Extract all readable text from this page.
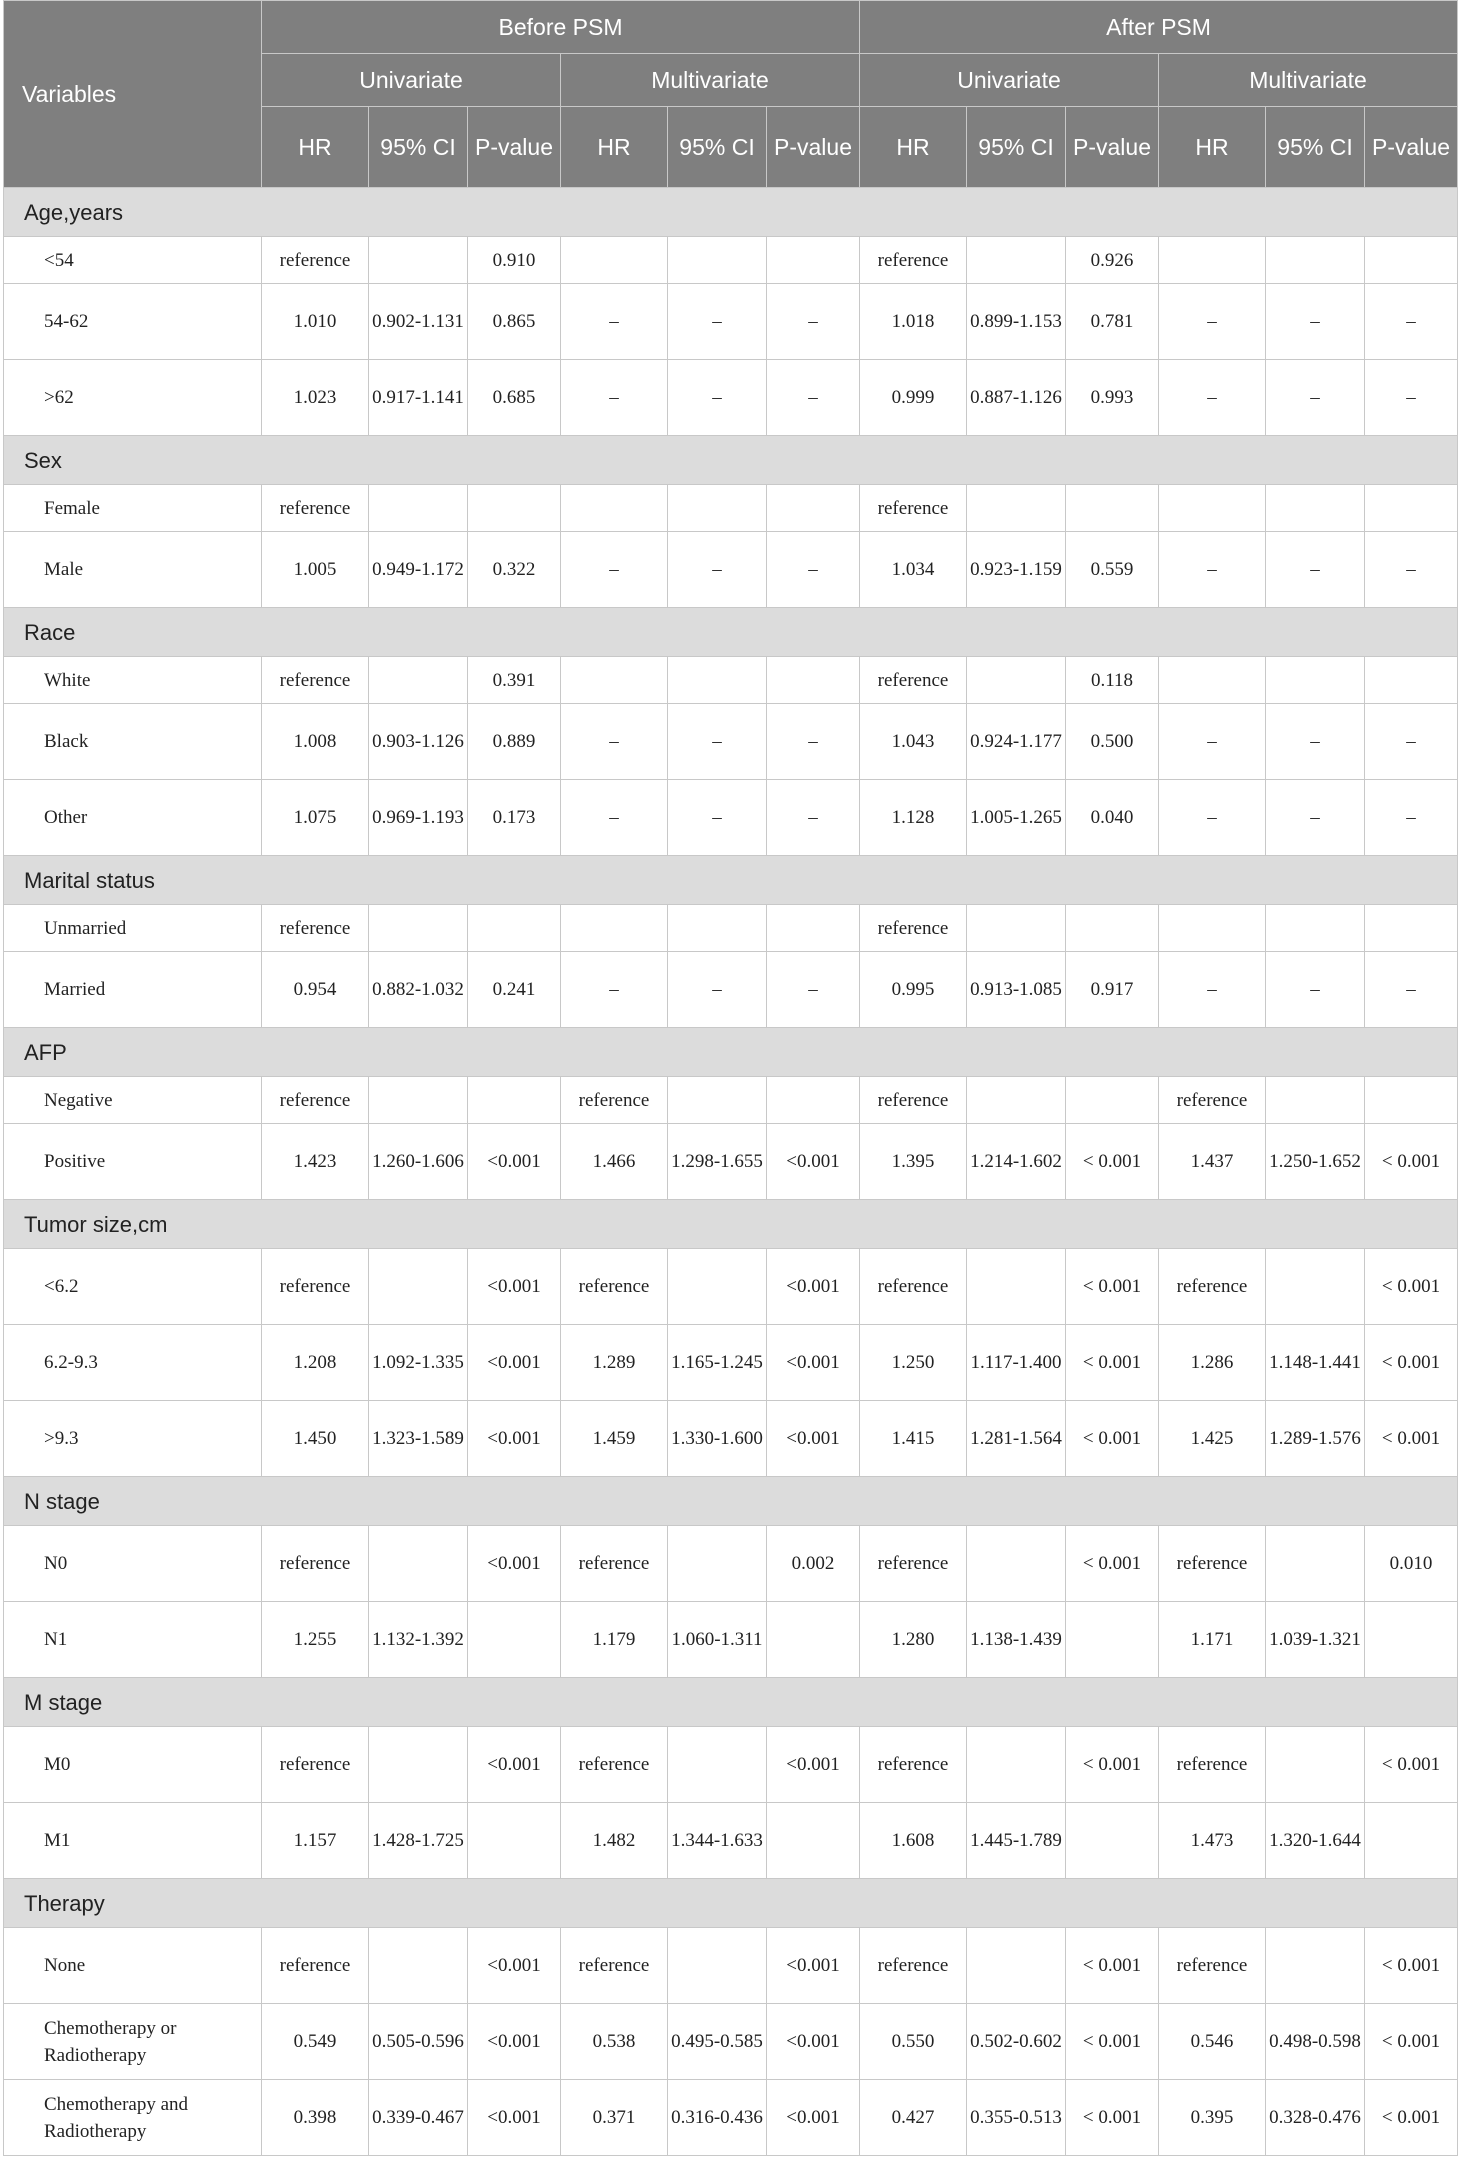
Variables	Before PSM						After PSM					
	Univariate			Multivariate			Univariate			Multivariate		
	HR	95% CI	P-value	HR	95% CI	P-value	HR	95% CI	P-value	HR	95% CI	P-value
Age,years												
<54	reference		0.910				reference		0.926			
54-62	1.010	0.902-1.131	0.865	–	–	–	1.018	0.899-1.153	0.781	–	–	–
>62	1.023	0.917-1.141	0.685	–	–	–	0.999	0.887-1.126	0.993	–	–	–
Sex												
Female	reference						reference					
Male	1.005	0.949-1.172	0.322	–	–	–	1.034	0.923-1.159	0.559	–	–	–
Race												
White	reference		0.391				reference		0.118			
Black	1.008	0.903-1.126	0.889	–	–	–	1.043	0.924-1.177	0.500	–	–	–
Other	1.075	0.969-1.193	0.173	–	–	–	1.128	1.005-1.265	0.040	–	–	–
Marital status												
Unmarried	reference						reference					
Married	0.954	0.882-1.032	0.241	–	–	–	0.995	0.913-1.085	0.917	–	–	–
AFP												
Negative	reference			reference			reference			reference		
Positive	1.423	1.260-1.606	<0.001	1.466	1.298-1.655	<0.001	1.395	1.214-1.602	< 0.001	1.437	1.250-1.652	< 0.001
Tumor size,cm												
<6.2	reference		<0.001	reference		<0.001	reference		< 0.001	reference		< 0.001
6.2-9.3	1.208	1.092-1.335	<0.001	1.289	1.165-1.245	<0.001	1.250	1.117-1.400	< 0.001	1.286	1.148-1.441	< 0.001
>9.3	1.450	1.323-1.589	<0.001	1.459	1.330-1.600	<0.001	1.415	1.281-1.564	< 0.001	1.425	1.289-1.576	< 0.001
N stage												
N0	reference		<0.001	reference		0.002	reference		< 0.001	reference		0.010
N1	1.255	1.132-1.392		1.179	1.060-1.311		1.280	1.138-1.439		1.171	1.039-1.321	
M stage												
M0	reference		<0.001	reference		<0.001	reference		< 0.001	reference		< 0.001
M1	1.157	1.428-1.725		1.482	1.344-1.633		1.608	1.445-1.789		1.473	1.320-1.644	
Therapy												
None	reference		<0.001	reference		<0.001	reference		< 0.001	reference		< 0.001
Chemotherapy or Radiotherapy	0.549	0.505-0.596	<0.001	0.538	0.495-0.585	<0.001	0.550	0.502-0.602	< 0.001	0.546	0.498-0.598	< 0.001
Chemotherapy and Radiotherapy	0.398	0.339-0.467	<0.001	0.371	0.316-0.436	<0.001	0.427	0.355-0.513	< 0.001	0.395	0.328-0.476	< 0.001
